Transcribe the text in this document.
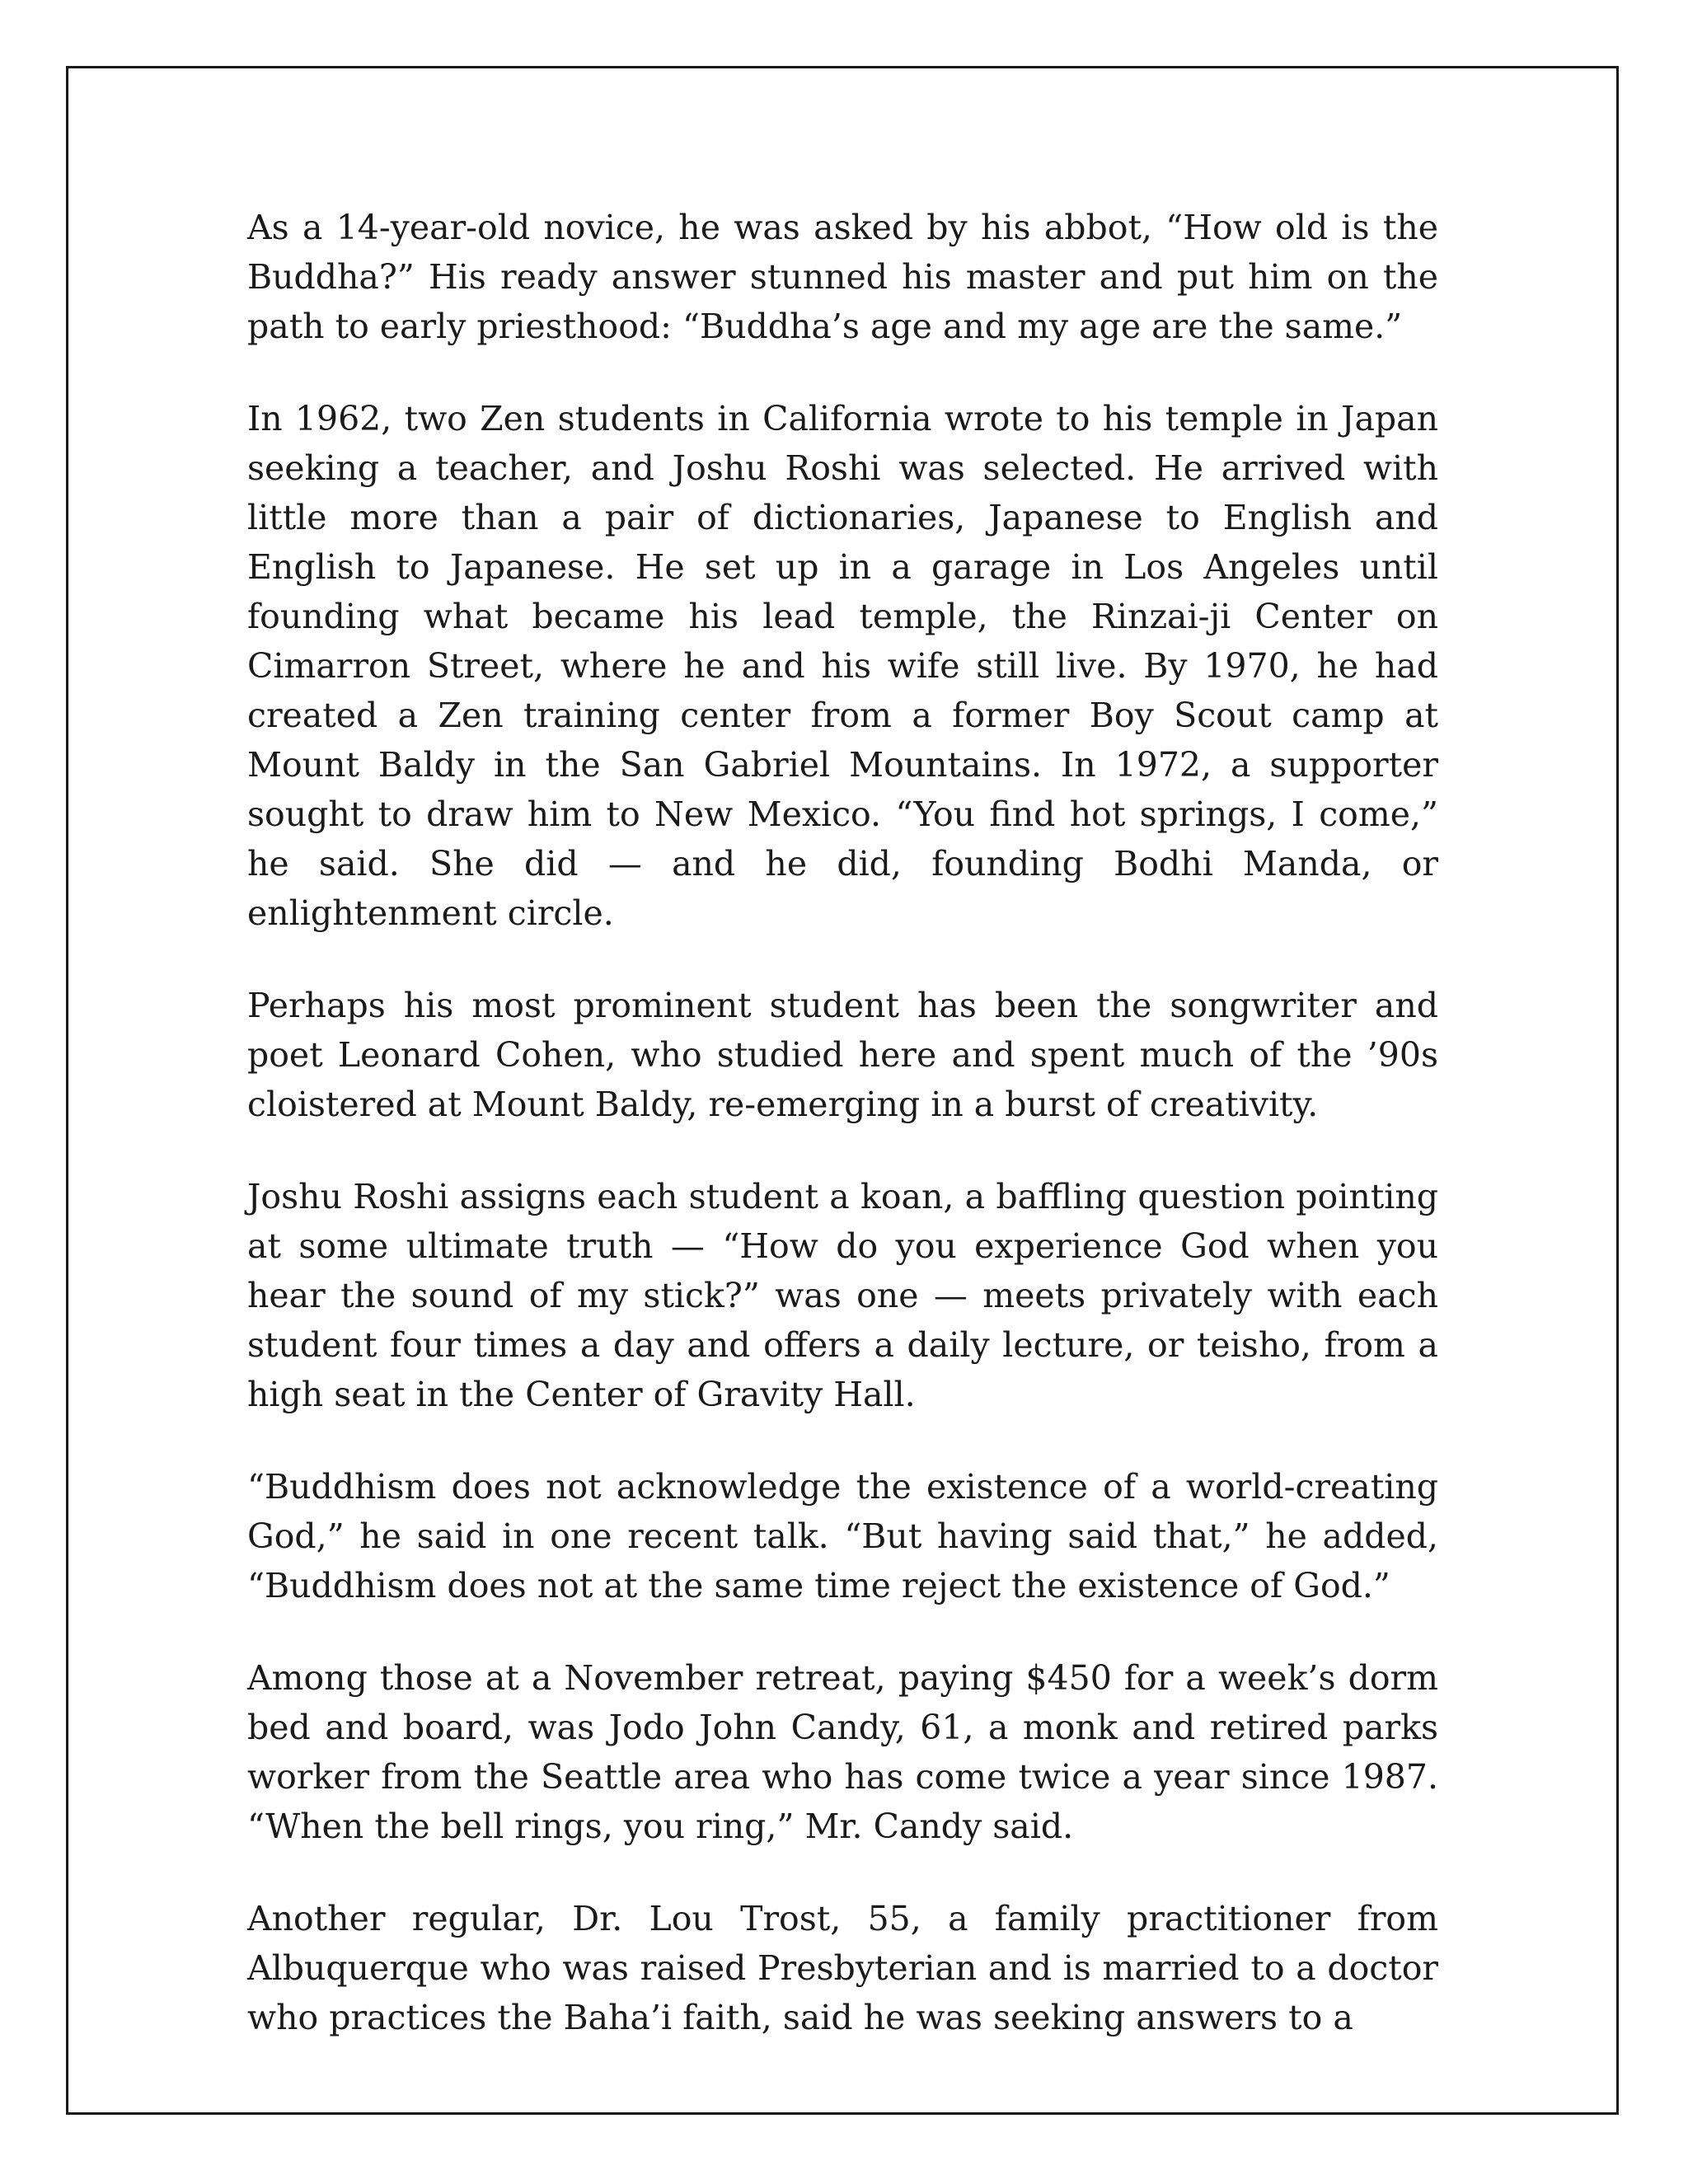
As a 14-year-old novice, he was asked by his abbot, “How old is the Buddha?” His ready answer stunned his master and put him on the path to early priesthood: “Buddha’s age and my age are the same.”

In 1962, two Zen students in California wrote to his temple in Japan seeking a teacher, and Joshu Roshi was selected. He arrived with little more than a pair of dictionaries, Japanese to English and English to Japanese. He set up in a garage in Los Angeles until founding what became his lead temple, the Rinzai-ji Center on Cimarron Street, where he and his wife still live. By 1970, he had created a Zen training center from a former Boy Scout camp at Mount Baldy in the San Gabriel Mountains. In 1972, a supporter sought to draw him to New Mexico. “You find hot springs, I come,” he said. She did — and he did, founding Bodhi Manda, or enlightenment circle.

Perhaps his most prominent student has been the songwriter and poet Leonard Cohen, who studied here and spent much of the ’90s cloistered at Mount Baldy, re-emerging in a burst of creativity.

Joshu Roshi assigns each student a koan, a baffling question pointing at some ultimate truth — “How do you experience God when you hear the sound of my stick?” was one — meets privately with each student four times a day and offers a daily lecture, or teisho, from a high seat in the Center of Gravity Hall.

“Buddhism does not acknowledge the existence of a world-creating God,” he said in one recent talk. “But having said that,” he added, “Buddhism does not at the same time reject the existence of God.”

Among those at a November retreat, paying $450 for a week’s dorm bed and board, was Jodo John Candy, 61, a monk and retired parks worker from the Seattle area who has come twice a year since 1987. “When the bell rings, you ring,” Mr. Candy said.

Another regular, Dr. Lou Trost, 55, a family practitioner from Albuquerque who was raised Presbyterian and is married to a doctor who practices the Baha’i faith, said he was seeking answers to a
